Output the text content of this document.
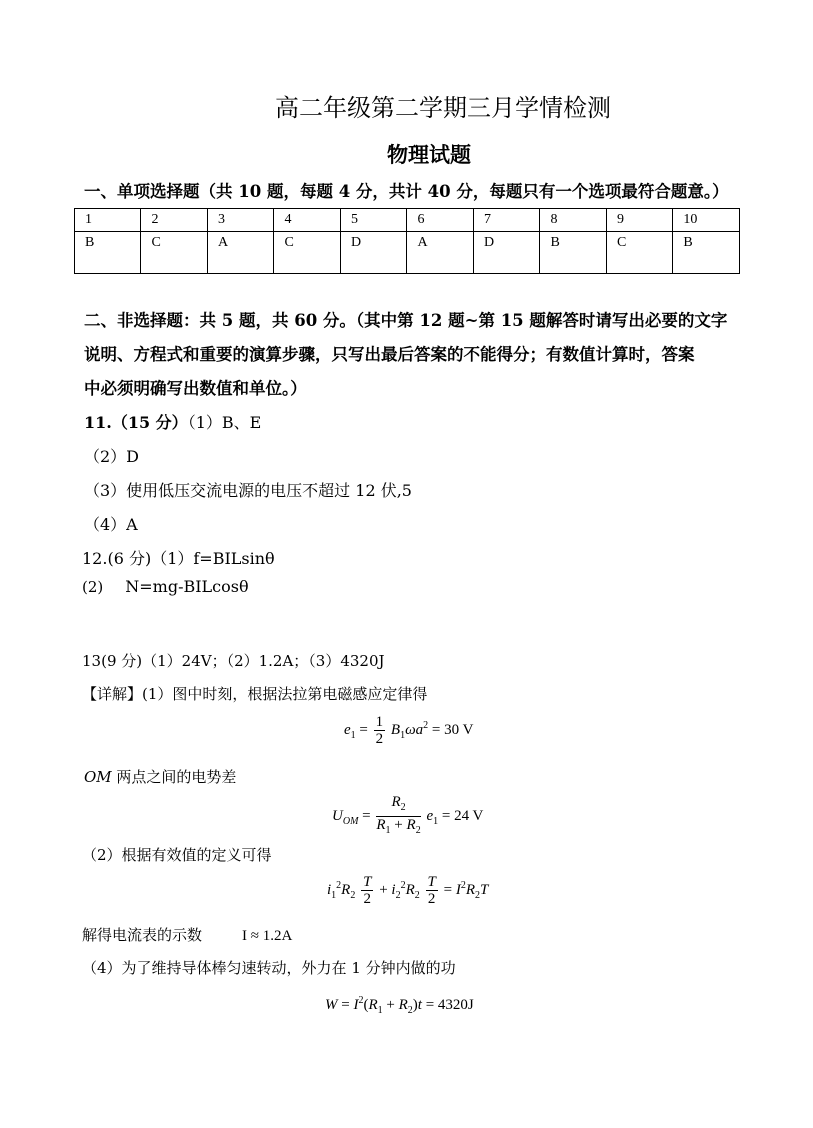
高二年级第二学期三月学情检测
物理试题
一、单项选择题（共 10 题，每题 4 分，共计 40 分，每题只有一个选项最符合题意。）
1	2	3	4	5	6	7	8	9	10
B	C	A	C	D	A	D	B	C	B
二、非选择题：共 5 题，共 60 分。（其中第 12 题~第 15 题解答时请写出必要的文字
说明、方程式和重要的演算步骤，只写出最后答案的不能得分；有数值计算时，答案
中必须明确写出数值和单位。）
11.（15 分）（1）B、E
（2）D
（3）使用低压交流电源的电压不超过 12 伏,5
（4）A
12.(6 分)（1）f=BILsinθ
(2) N=mg-BILcosθ
13(9 分)（1）24V；（2）1.2A；（3）4320J
【详解】(1）图中时刻，根据法拉第电磁感应定律得
$e_1 = \frac{1}{2} B_1\omega a^2 = 30$ V
OM 两点之间的电势差
$U_{OM} = \frac{R_2}{R_1 + R_2} e_1 = 24$ V
（2）根据有效值的定义可得
$i_1^2R_2 \frac{T}{2} + i_2^2R_2 \frac{T}{2} = I^2R_2T$
解得电流表的示数	I ≈ 1.2A
（4）为了维持导体棒匀速转动，外力在 1 分钟内做的功
$W = I^2(R_1 + R_2)t = 4320J$
